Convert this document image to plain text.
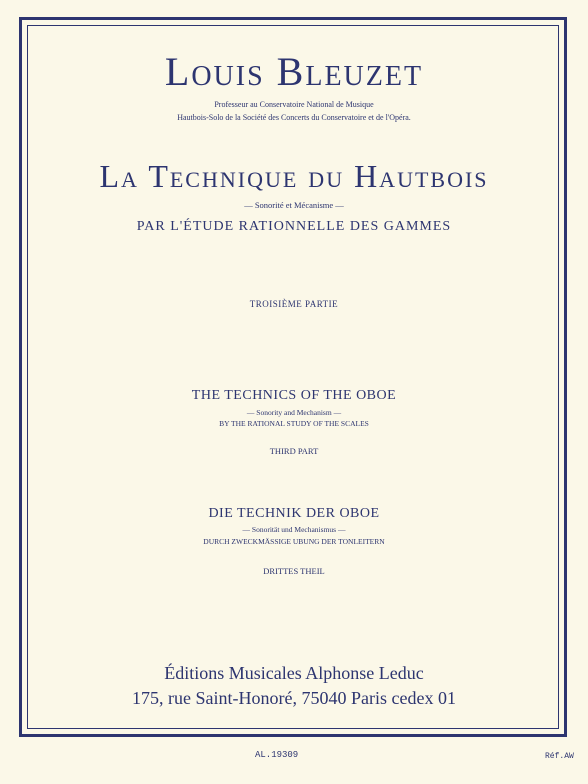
Louis Bleuzet
Professeur au Conservatoire National de Musique
Hautbois-Solo de la Société des Concerts du Conservatoire et de l'Opéra.
La Technique du Hautbois
— Sonorité et Mécanisme —
PAR L'ÉTUDE RATIONNELLE DES GAMMES
TROISIÈME PARTIE
THE TECHNICS OF THE OBOE
— Sonority and Mechanism —
BY THE RATIONAL STUDY OF THE SCALES
THIRD PART
DIE TECHNIK DER OBOE
— Sonorität und Mechanismus —
DURCH ZWECKMÄSSIGE UBUNG DER TONLEITERN
DRITTES THEIL
Éditions Musicales Alphonse Leduc
175, rue Saint-Honoré, 75040 Paris cedex 01
AL.19309	Réf.AW
